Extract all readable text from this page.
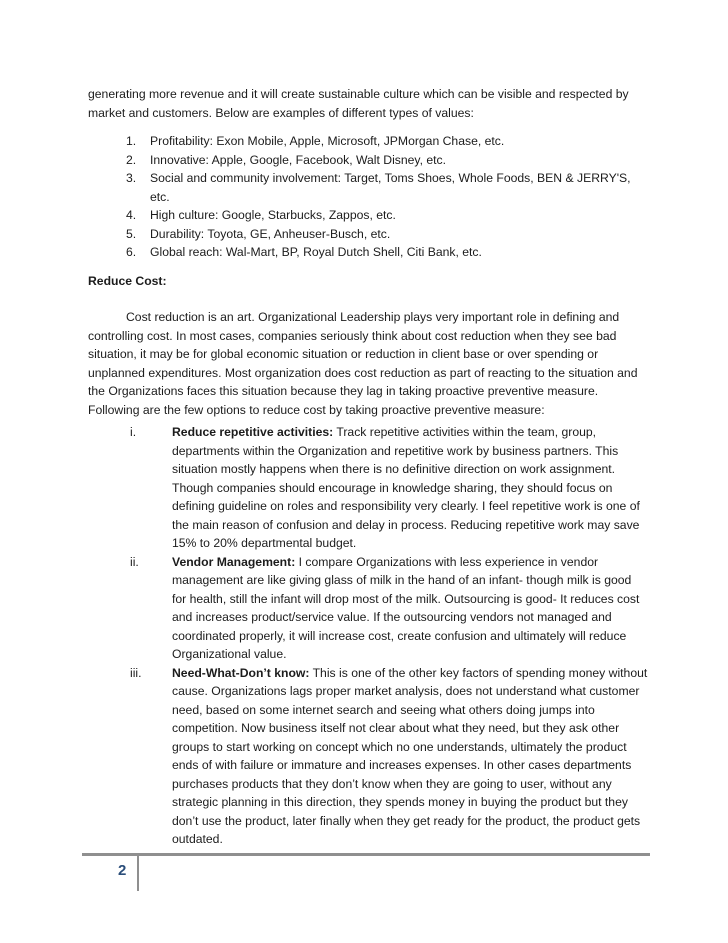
generating more revenue and it will create sustainable culture which can be visible and respected by market and customers. Below are examples of different types of values:

1. Profitability: Exon Mobile, Apple, Microsoft, JPMorgan Chase, etc.
2. Innovative: Apple, Google, Facebook, Walt Disney, etc.
3. Social and community involvement: Target, Toms Shoes, Whole Foods, BEN & JERRY'S, etc.
4. High culture: Google, Starbucks, Zappos, etc.
5. Durability: Toyota, GE, Anheuser-Busch, etc.
6. Global reach: Wal-Mart, BP, Royal Dutch Shell, Citi Bank, etc.

Reduce Cost:

Cost reduction is an art. Organizational Leadership plays very important role in defining and controlling cost. In most cases, companies seriously think about cost reduction when they see bad situation, it may be for global economic situation or reduction in client base or over spending or unplanned expenditures. Most organization does cost reduction as part of reacting to the situation and the Organizations faces this situation because they lag in taking proactive preventive measure. Following are the few options to reduce cost by taking proactive preventive measure:

i.	Reduce repetitive activities: Track repetitive activities within the team, group, departments within the Organization and repetitive work by business partners. This situation mostly happens when there is no definitive direction on work assignment. Though companies should encourage in knowledge sharing, they should focus on defining guideline on roles and responsibility very clearly. I feel repetitive work is one of the main reason of confusion and delay in process. Reducing repetitive work may save 15% to 20% departmental budget.
ii.	Vendor Management: I compare Organizations with less experience in vendor management are like giving glass of milk in the hand of an infant- though milk is good for health, still the infant will drop most of the milk. Outsourcing is good- It reduces cost and increases product/service value. If the outsourcing vendors not managed and coordinated properly, it will increase cost, create confusion and ultimately will reduce Organizational value.
iii. Need-What-Don’t know: This is one of the other key factors of spending money without cause. Organizations lags proper market analysis, does not understand what customer need, based on some internet search and seeing what others doing jumps into competition. Now business itself not clear about what they need, but they ask other groups to start working on concept which no one understands, ultimately the product ends of with failure or immature and increases expenses. In other cases departments purchases products that they don’t know when they are going to user, without any strategic planning in this direction, they spends money in buying the product but they don’t use the product, later finally when they get ready for the product, the product gets outdated.
2
